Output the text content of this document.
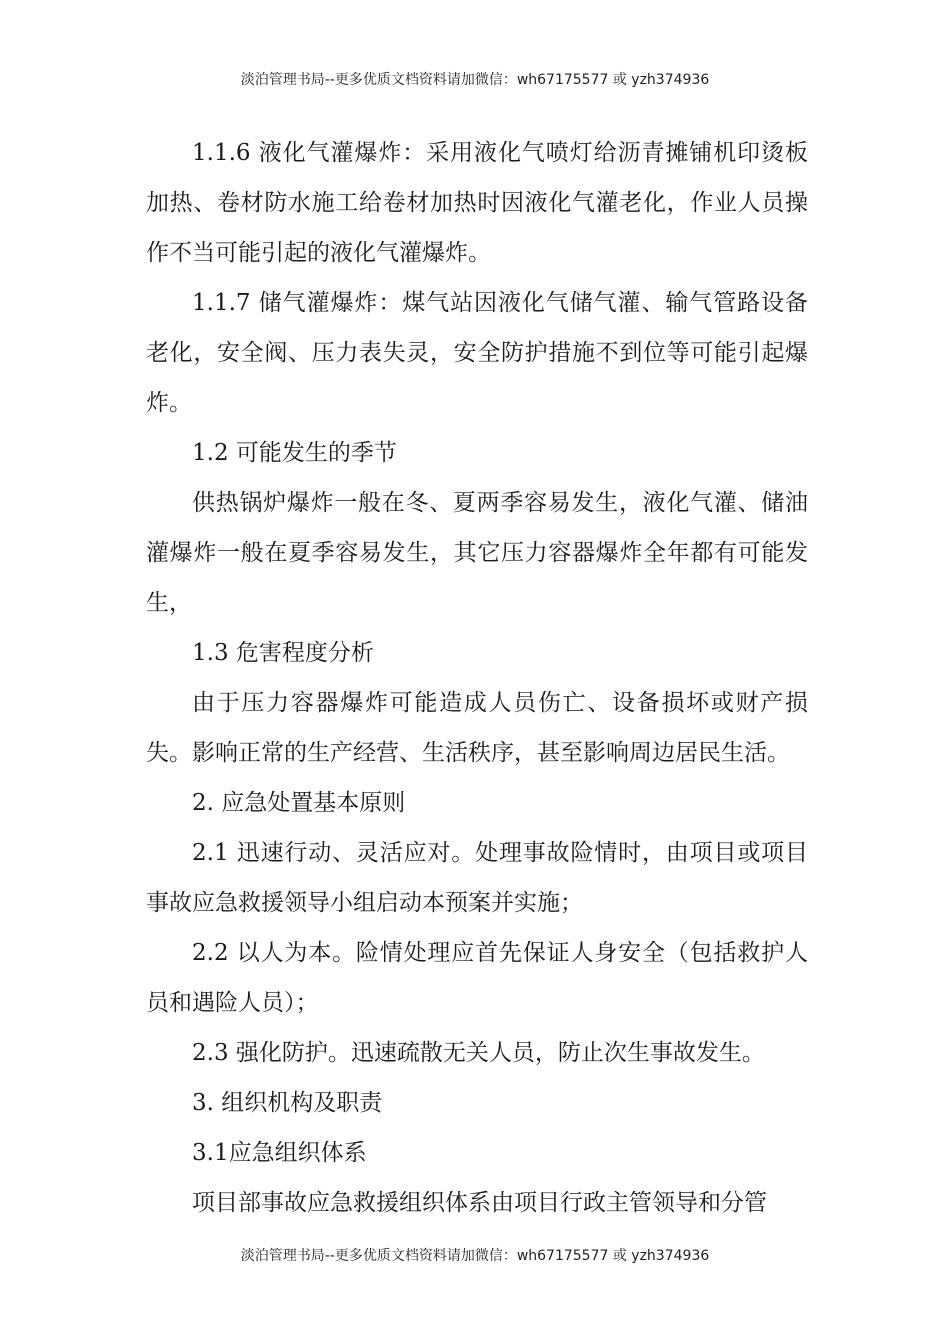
淡泊管理书局--更多优质文档资料请加微信：wh67175577 或 yzh374936

1.1.6 液化气灌爆炸：采用液化气喷灯给沥青摊铺机印烫板加热、卷材防水施工给卷材加热时因液化气灌老化，作业人员操作不当可能引起的液化气灌爆炸。

1.1.7 储气灌爆炸：煤气站因液化气储气灌、输气管路设备老化，安全阀、压力表失灵，安全防护措施不到位等可能引起爆炸。

1.2 可能发生的季节

供热锅炉爆炸一般在冬、夏两季容易发生，液化气灌、储油灌爆炸一般在夏季容易发生，其它压力容器爆炸全年都有可能发生，

1.3 危害程度分析

由于压力容器爆炸可能造成人员伤亡、设备损坏或财产损失。影响正常的生产经营、生活秩序，甚至影响周边居民生活。

2. 应急处置基本原则

2.1 迅速行动、灵活应对。处理事故险情时，由项目或项目事故应急救援领导小组启动本预案并实施；

2.2 以人为本。险情处理应首先保证人身安全（包括救护人员和遇险人员）；

2.3 强化防护。迅速疏散无关人员，防止次生事故发生。

3. 组织机构及职责

3.1应急组织体系

项目部事故应急救援组织体系由项目行政主管领导和分管

淡泊管理书局--更多优质文档资料请加微信：wh67175577 或 yzh374936
